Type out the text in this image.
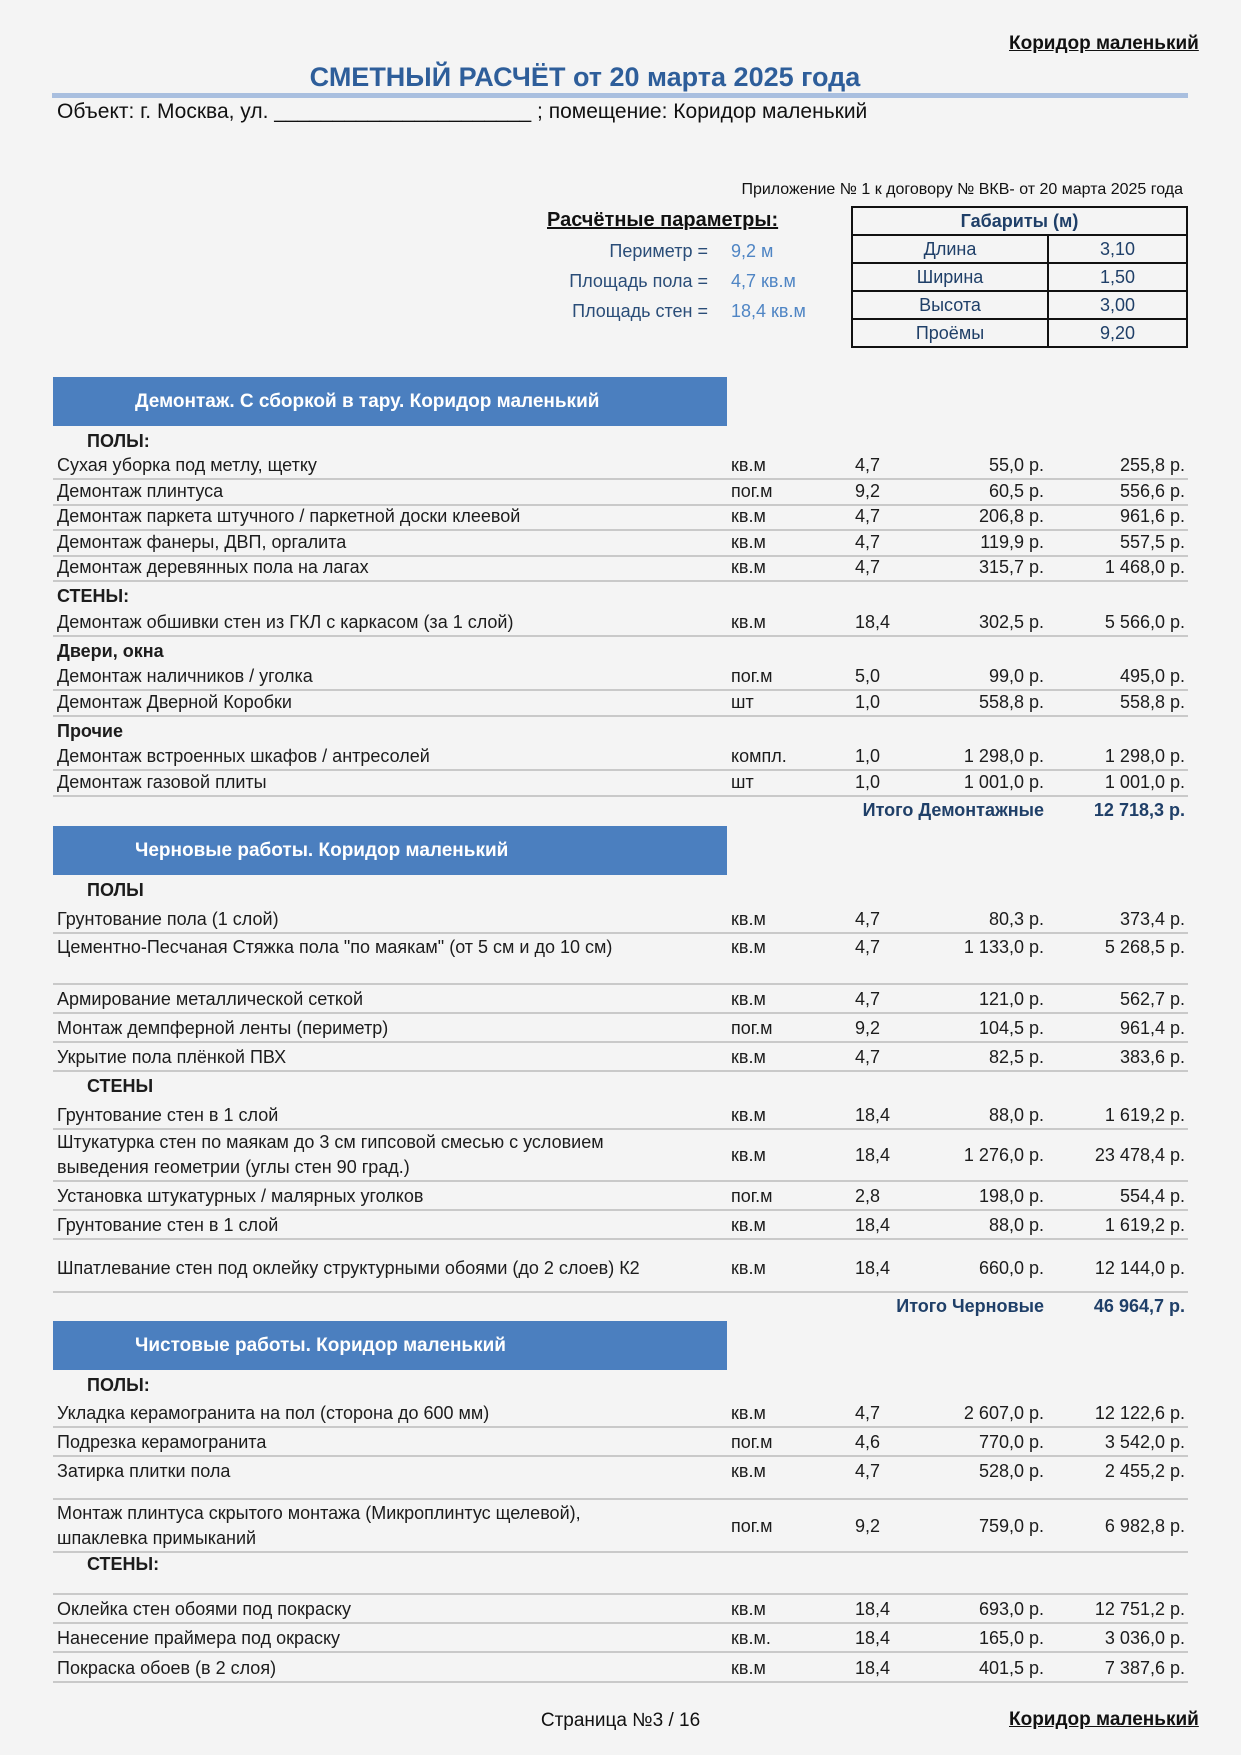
Коридор маленький
СМЕТНЫЙ РАСЧЁТ от 20 марта 2025 года
Объект: г. Москва, ул. ______________________ ; помещение: Коридор маленький
Приложение № 1 к договору № ВКВ- от 20 марта 2025 года
Расчётные параметры:
Периметр = 9,2 м
Площадь пола = 4,7 кв.м
Площадь стен = 18,4 кв.м
Габариты (м)	
Длина	3,10
Ширина	1,50
Высота	3,00
Проёмы	9,20
Демонтаж. С сборкой в тару. Коридор маленький
ПОЛЫ:
Сухая уборка под метлу, щетку	кв.м	4,7	55,0 р.	255,8 р.
Демонтаж плинтуса	пог.м	9,2	60,5 р.	556,6 р.
Демонтаж паркета штучного / паркетной доски клеевой	кв.м	4,7	206,8 р.	961,6 р.
Демонтаж фанеры, ДВП, оргалита	кв.м	4,7	119,9 р.	557,5 р.
Демонтаж деревянных пола на лагах	кв.м	4,7	315,7 р.	1 468,0 р.
СТЕНЫ:
Демонтаж обшивки стен из ГКЛ с каркасом (за 1 слой)	кв.м	18,4	302,5 р.	5 566,0 р.
Двери, окна
Демонтаж наличников / уголка	пог.м	5,0	99,0 р.	495,0 р.
Демонтаж Дверной Коробки	шт	1,0	558,8 р.	558,8 р.
Прочие
Демонтаж встроенных шкафов / антресолей	компл.	1,0	1 298,0 р.	1 298,0 р.
Демонтаж газовой плиты	шт	1,0	1 001,0 р.	1 001,0 р.
Итого Демонтажные	12 718,3 р.
Черновые работы. Коридор маленький
ПОЛЫ
Грунтование пола (1 слой)	кв.м	4,7	80,3 р.	373,4 р.
Цементно-Песчаная Стяжка пола "по маякам" (от 5 см и до 10 см)	кв.м	4,7	1 133,0 р.	5 268,5 р.
Армирование металлической сеткой	кв.м	4,7	121,0 р.	562,7 р.
Монтаж демпферной ленты (периметр)	пог.м	9,2	104,5 р.	961,4 р.
Укрытие пола плёнкой ПВХ	кв.м	4,7	82,5 р.	383,6 р.
СТЕНЫ
Грунтование стен в 1 слой	кв.м	18,4	88,0 р.	1 619,2 р.
Штукатурка стен по маякам до 3 см гипсовой смесью с условием
выведения геометрии (углы стен 90 град.)
кв.м	18,4	1 276,0 р.	23 478,4 р.
Установка штукатурных / малярных уголков	пог.м	2,8	198,0 р.	554,4 р.
Грунтование стен в 1 слой	кв.м	18,4	88,0 р.	1 619,2 р.
Шпатлевание стен под оклейку структурными обоями (до 2 слоев) К2	кв.м	18,4	660,0 р.	12 144,0 р.
Итого Черновые	46 964,7 р.
Чистовые работы. Коридор маленький
ПОЛЫ:
Укладка керамогранита на пол (сторона до 600 мм)	кв.м	4,7	2 607,0 р.	12 122,6 р.
Подрезка керамогранита	пог.м	4,6	770,0 р.	3 542,0 р.
Затирка плитки пола	кв.м	4,7	528,0 р.	2 455,2 р.
Монтаж плинтуса скрытого монтажа (Микроплинтус щелевой),
шпаклевка примыканий
пог.м	9,2	759,0 р.	6 982,8 р.
СТЕНЫ:
Оклейка стен обоями под покраску	кв.м	18,4	693,0 р.	12 751,2 р.
Нанесение праймера под окраску	кв.м.	18,4	165,0 р.	3 036,0 р.
Покраска обоев (в 2 слоя)	кв.м	18,4	401,5 р.	7 387,6 р.
Страница №3 / 16	Коридор маленький
